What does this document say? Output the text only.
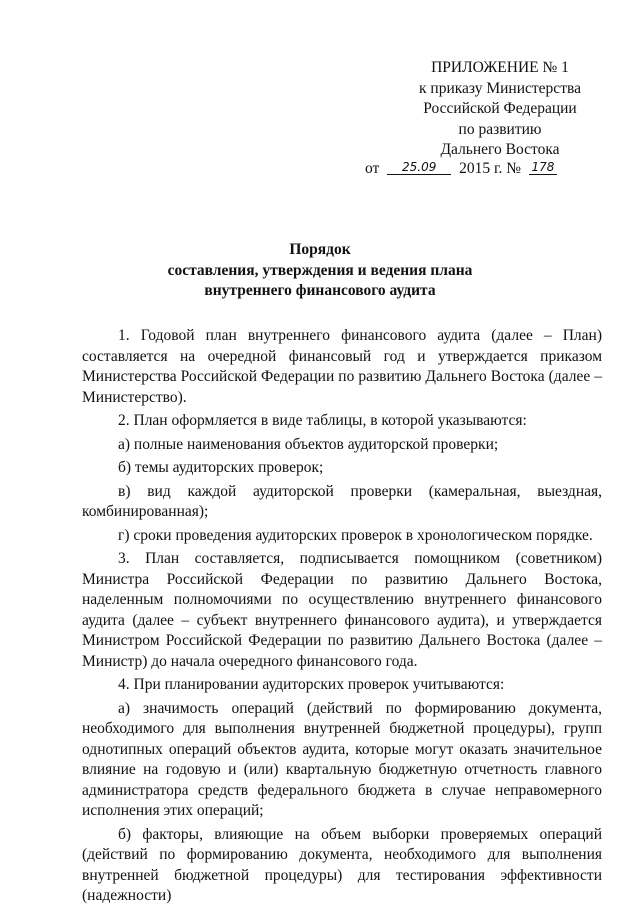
ПРИЛОЖЕНИЕ № 1
к приказу Министерства
Российской Федерации
по развитию
Дальнего Востока
от 25.09 2015 г. № 178
Порядок
составления, утверждения и ведения плана
внутреннего финансового аудита

1. Годовой план внутреннего финансового аудита (далее – План) составляется на очередной финансовый год и утверждается приказом Министерства Российской Федерации по развитию Дальнего Востока (далее – Министерство).

2. План оформляется в виде таблицы, в которой указываются:

а) полные наименования объектов аудиторской проверки;

б) темы аудиторских проверок;

в) вид каждой аудиторской проверки (камеральная, выездная, комбинированная);

г) сроки проведения аудиторских проверок в хронологическом порядке.

3. План составляется, подписывается помощником (советником) Министра Российской Федерации по развитию Дальнего Востока, наделенным полномочиями по осуществлению внутреннего финансового аудита (далее – субъект внутреннего финансового аудита), и утверждается Министром Российской Федерации по развитию Дальнего Востока (далее – Министр) до начала очередного финансового года.

4. При планировании аудиторских проверок учитываются:

а) значимость операций (действий по формированию документа, необходимого для выполнения внутренней бюджетной процедуры), групп однотипных операций объектов аудита, которые могут оказать значительное влияние на годовую и (или) квартальную бюджетную отчетность главного администратора средств федерального бюджета в случае неправомерного исполнения этих операций;

б) факторы, влияющие на объем выборки проверяемых операций (действий по формированию документа, необходимого для выполнения внутренней бюджетной процедуры) для тестирования эффективности (надежности)
